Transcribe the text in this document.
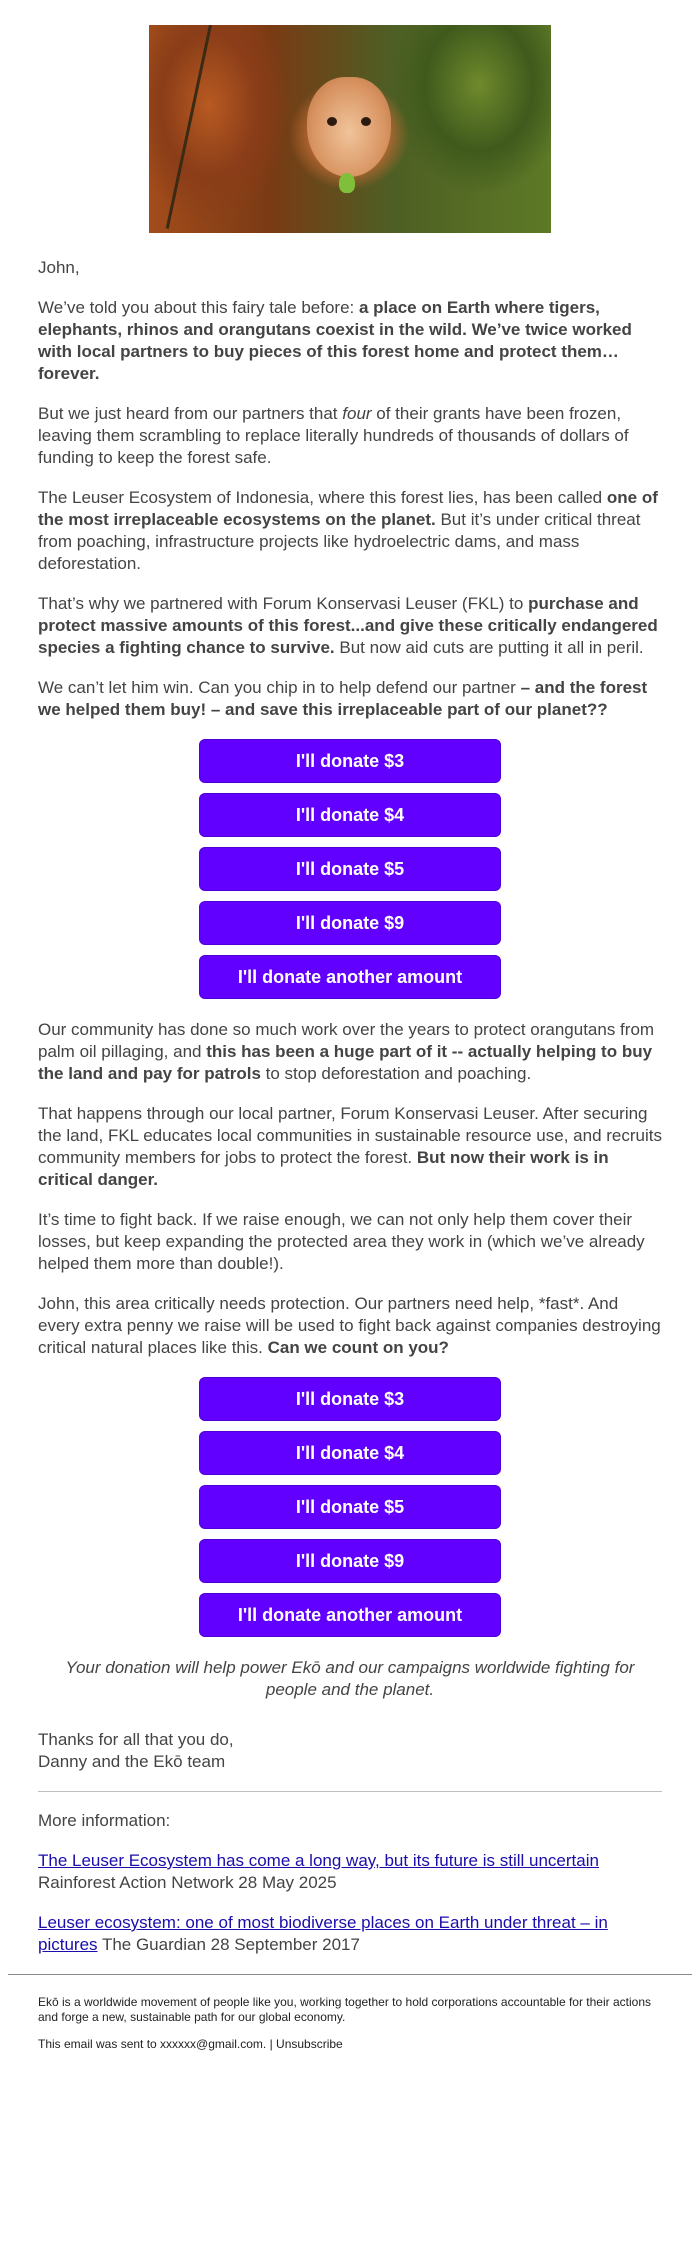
John,

We’ve told you about this fairy tale before: a place on Earth where tigers, elephants, rhinos and orangutans coexist in the wild. We’ve twice worked with local partners to buy pieces of this forest home and protect them…forever.

But we just heard from our partners that four of their grants have been frozen, leaving them scrambling to replace literally hundreds of thousands of dollars of funding to keep the forest safe.

The Leuser Ecosystem of Indonesia, where this forest lies, has been called one of the most irreplaceable ecosystems on the planet. But it’s under critical threat from poaching, infrastructure projects like hydroelectric dams, and mass deforestation.

That’s why we partnered with Forum Konservasi Leuser (FKL) to purchase and protect massive amounts of this forest...and give these critically endangered species a fighting chance to survive. But now aid cuts are putting it all in peril.

We can’t let him win. Can you chip in to help defend our partner – and the forest we helped them buy! – and save this irreplaceable part of our planet??

I'll donate $3
I'll donate $4
I'll donate $5
I'll donate $9
I'll donate another amount

Our community has done so much work over the years to protect orangutans from palm oil pillaging, and this has been a huge part of it -- actually helping to buy the land and pay for patrols to stop deforestation and poaching.

That happens through our local partner, Forum Konservasi Leuser. After securing the land, FKL educates local communities in sustainable resource use, and recruits community members for jobs to protect the forest. But now their work is in critical danger.

It’s time to fight back. If we raise enough, we can not only help them cover their losses, but keep expanding the protected area they work in (which we’ve already helped them more than double!).

John, this area critically needs protection. Our partners need help, *fast*. And every extra penny we raise will be used to fight back against companies destroying critical natural places like this. Can we count on you?

I'll donate $3
I'll donate $4
I'll donate $5
I'll donate $9
I'll donate another amount

Your donation will help power Ekō and our campaigns worldwide fighting for people and the planet.

Thanks for all that you do,
Danny and the Ekō team

More information:

The Leuser Ecosystem has come a long way, but its future is still uncertain
Rainforest Action Network 28 May 2025

Leuser ecosystem: one of most biodiverse places on Earth under threat – in pictures The Guardian 28 September 2017

Ekō is a worldwide movement of people like you, working together to hold corporations accountable for their actions and forge a new, sustainable path for our global economy.

This email was sent to xxxxxx@gmail.com. | Unsubscribe
